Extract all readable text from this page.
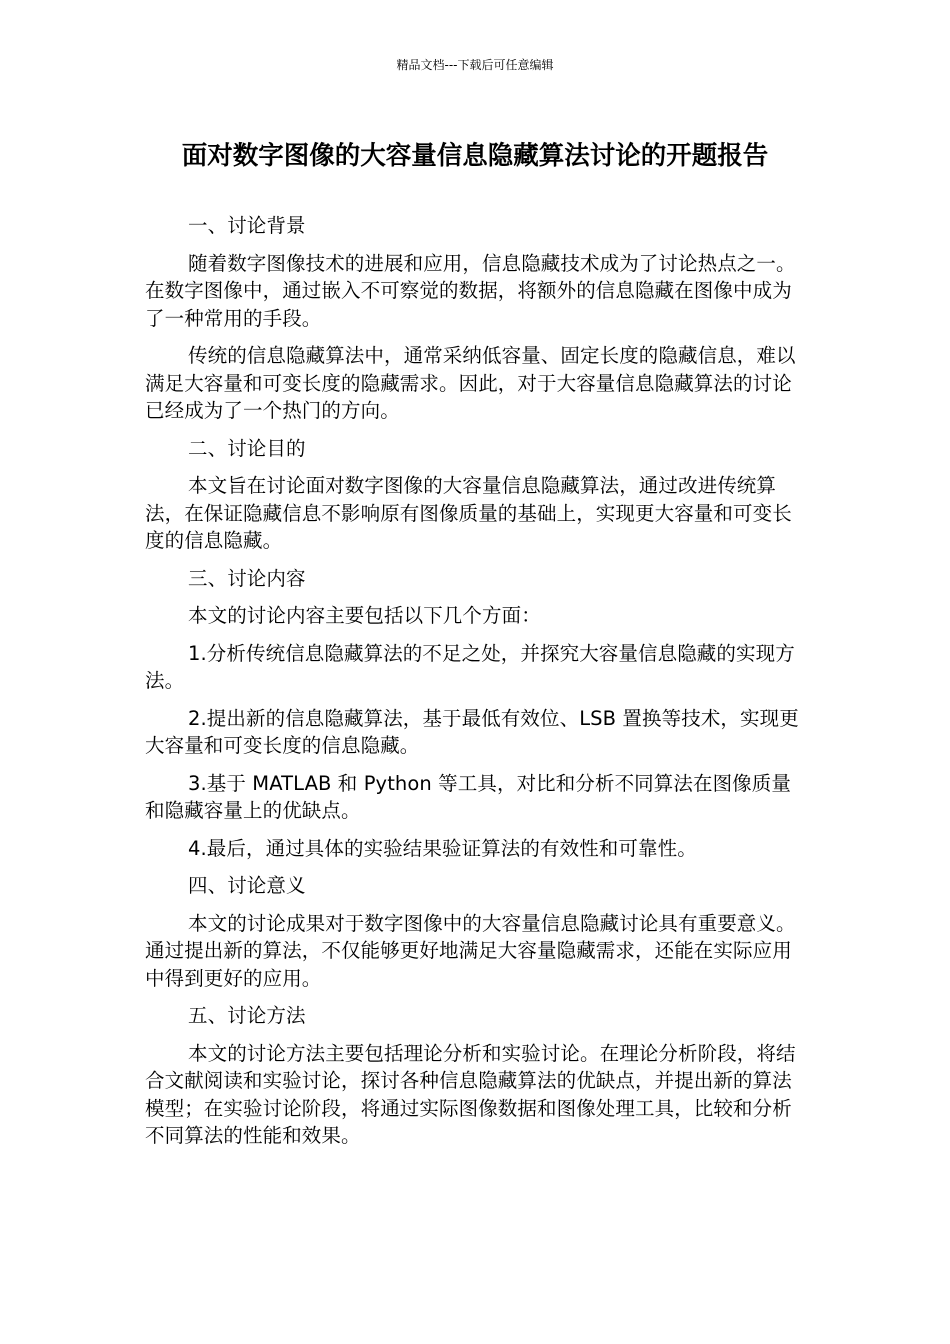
精品文档---下载后可任意编辑
面对数字图像的大容量信息隐藏算法讨论的开题报告

一、讨论背景

随着数字图像技术的进展和应用，信息隐藏技术成为了讨论热点之一。在数字图像中，通过嵌入不可察觉的数据，将额外的信息隐藏在图像中成为了一种常用的手段。

传统的信息隐藏算法中，通常采纳低容量、固定长度的隐藏信息，难以满足大容量和可变长度的隐藏需求。因此，对于大容量信息隐藏算法的讨论已经成为了一个热门的方向。

二、讨论目的

本文旨在讨论面对数字图像的大容量信息隐藏算法，通过改进传统算法，在保证隐藏信息不影响原有图像质量的基础上，实现更大容量和可变长度的信息隐藏。

三、讨论内容

本文的讨论内容主要包括以下几个方面：

1.分析传统信息隐藏算法的不足之处，并探究大容量信息隐藏的实现方法。

2.提出新的信息隐藏算法，基于最低有效位、LSB 置换等技术，实现更大容量和可变长度的信息隐藏。

3.基于 MATLAB 和 Python 等工具，对比和分析不同算法在图像质量和隐藏容量上的优缺点。

4.最后，通过具体的实验结果验证算法的有效性和可靠性。

四、讨论意义

本文的讨论成果对于数字图像中的大容量信息隐藏讨论具有重要意义。通过提出新的算法，不仅能够更好地满足大容量隐藏需求，还能在实际应用中得到更好的应用。

五、讨论方法

本文的讨论方法主要包括理论分析和实验讨论。在理论分析阶段，将结合文献阅读和实验讨论，探讨各种信息隐藏算法的优缺点，并提出新的算法模型；在实验讨论阶段，将通过实际图像数据和图像处理工具，比较和分析不同算法的性能和效果。
